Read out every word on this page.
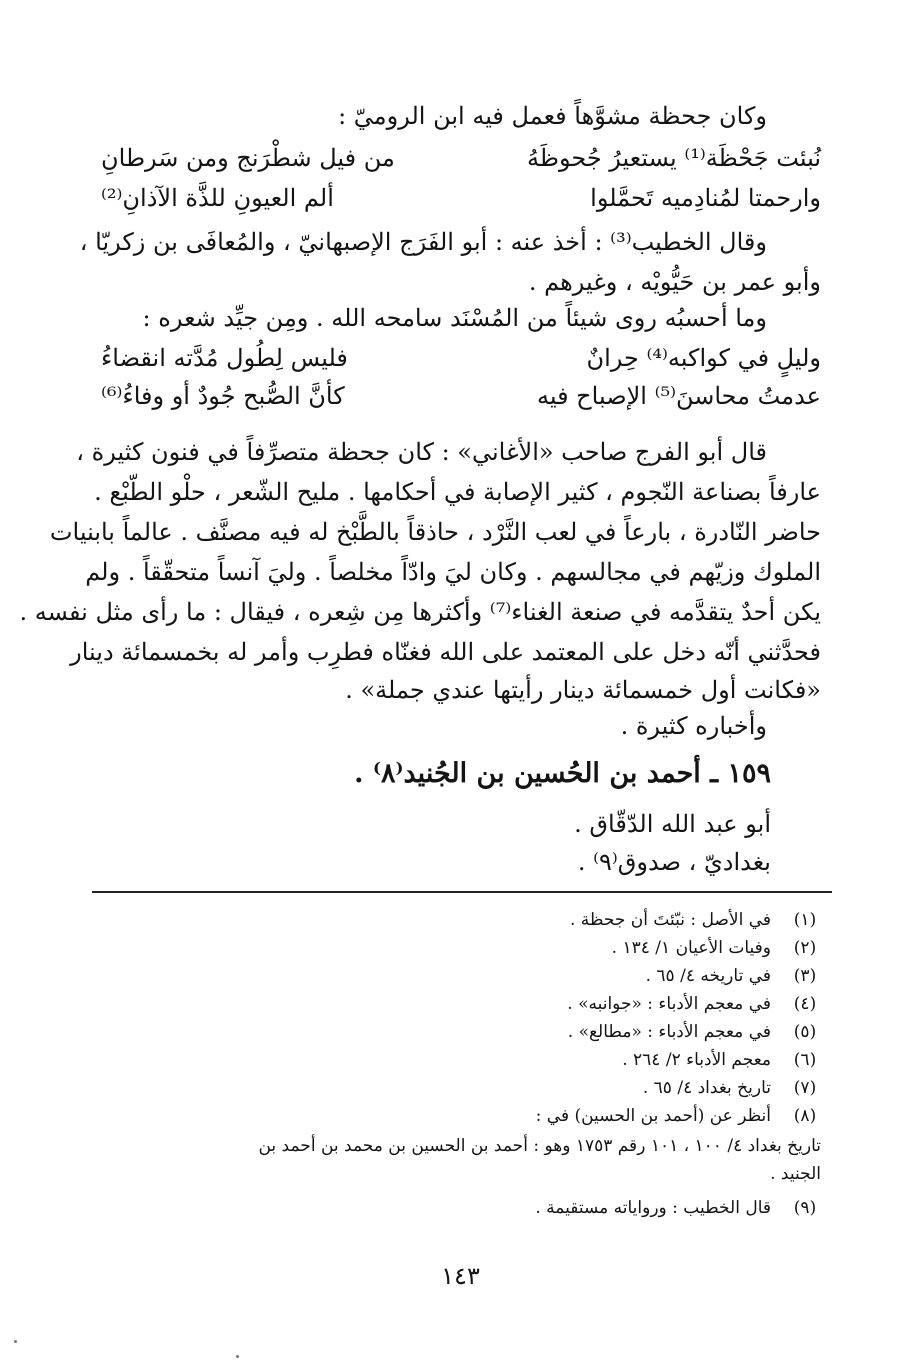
وكان جحظة مشوَّهاً فعمل فيه ابن الروميّ :
نُبئت جَحْظَة⁽¹⁾ يستعيرُ جُحوظَهُ
من فيل شطْرَنج ومن سَرطانِ
وارحمتا لمُنادِميه تَحمَّلوا
ألم العيونِ للذَّة الآذانِ⁽²⁾
وقال الخطيب⁽³⁾ : أخذ عنه : أبو الفَرَج الإصبهانيّ ، والمُعافَى بن زكريّا ،
وأبو عمر بن حَيُّويْه ، وغيرهم .
وما أحسبُه روى شيئاً من المُسْنَد سامحه الله . ومِن جيِّد شعره :
وليلٍ في كواكبه⁽⁴⁾ حِرانٌ
فليس لِطُول مُدَّته انقضاءُ
عدمتُ محاسنَ⁽⁵⁾ الإصباح فيه
كأنَّ الصُّبح جُودٌ أو وفاءُ⁽⁶⁾
قال أبو الفرج صاحب «الأغاني» : كان جحظة متصرِّفاً في فنون كثيرة ،
عارفاً بصناعة النّجوم ، كثير الإصابة في أحكامها . مليح الشّعر ، حلْو الطّبْع .
حاضر النّادرة ، بارعاً في لعب النَّرْد ، حاذقاً بالطَّبْخ له فيه مصنَّف . عالماً بابنيات
الملوك وزيّهم في مجالسهم . وكان ليَ وادّاً مخلصاً . وليَ آنساً متحقّقاً . ولم
يكن أحدٌ يتقدَّمه في صنعة الغناء⁽⁷⁾ وأكثرها مِن شِعره ، فيقال : ما رأى مثل نفسه .
فحدَّثني أنّه دخل على المعتمد على الله فغنّاه فطرِب وأمر له بخمسمائة دينار
«فكانت أول خمسمائة دينار رأيتها عندي جملة» .
وأخباره كثيرة .
١٥٩ ـ أحمد بن الحُسين بن الجُنيد⁽٨⁾ .
أبو عبد الله الدّقّاق .
بغداديّ ، صدوق⁽٩⁾ .
(١)
في الأصل : نبّئتَ أن جحظة .
(٢)
وفيات الأعيان ١/ ١٣٤ .
(٣)
في تاريخه ٤/ ٦٥ .
(٤)
في معجم الأدباء : «جوانبه» .
(٥)
في معجم الأدباء : «مطالع» .
(٦)
معجم الأدباء ٢/ ٢٦٤ .
(٧)
تاريخ بغداد ٤/ ٦٥ .
(٨)
أنظر عن (أحمد بن الحسين) في :
تاريخ بغداد ٤/ ١٠٠ ، ١٠١ رقم ١٧٥٣ وهو : أحمد بن الحسين بن محمد بن أحمد بن
الجنيد .
(٩)
قال الخطيب : ورواياته مستقيمة .
١٤٣
